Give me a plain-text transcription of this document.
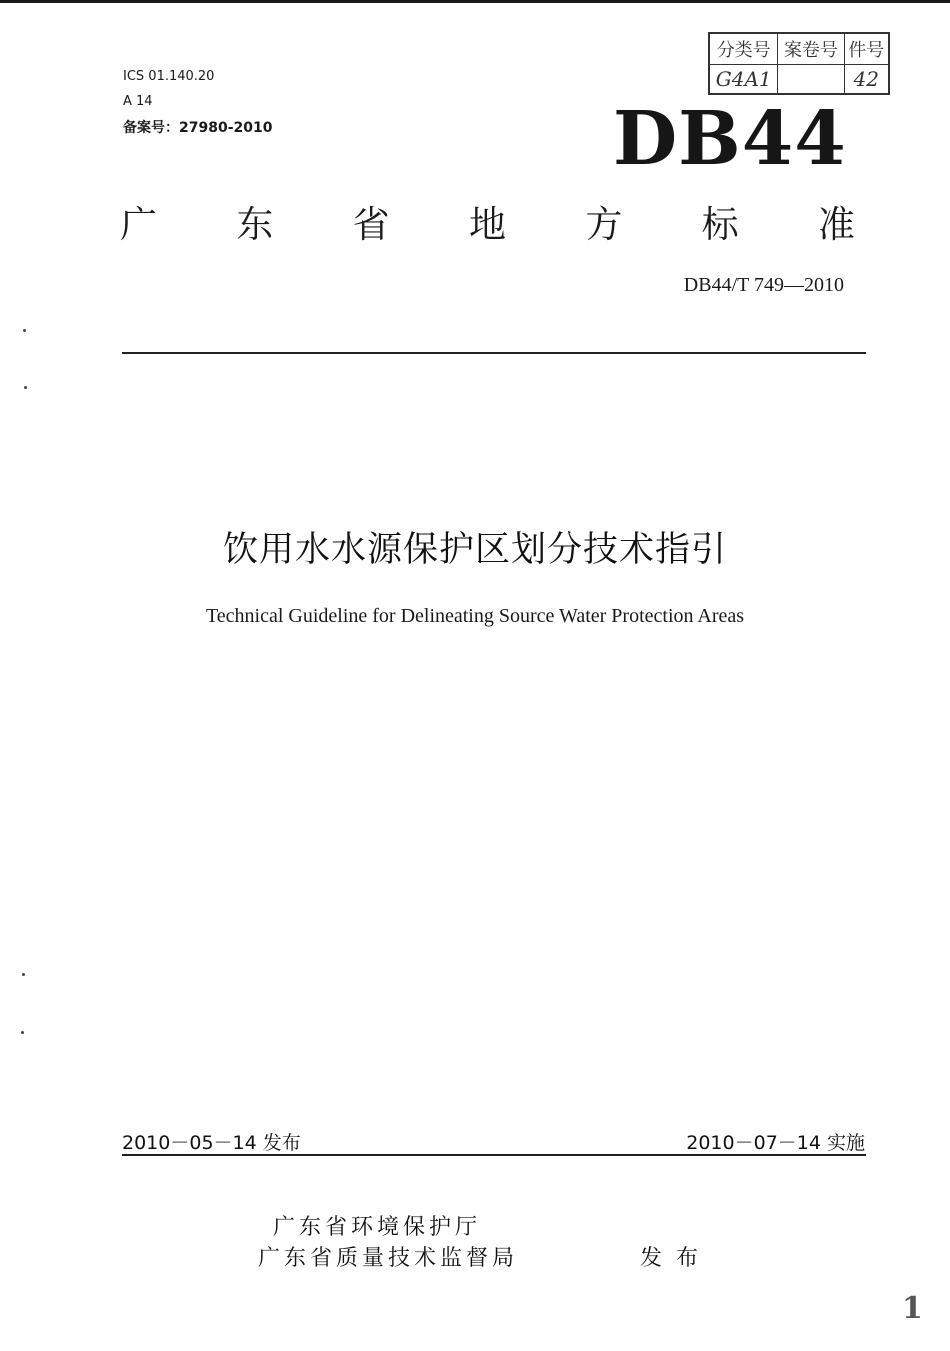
ICS 01.140.20
A 14
备案号：27980-2010
分类号	案卷号	件号
G4A1		42
DB44
广 东 省 地 方 标 准
DB44/T 749—2010
饮用水水源保护区划分技术指引
Technical Guideline for Delineating Source Water Protection Areas
2010－05－14 发布	2010－07－14 实施
广东省环境保护厅
广东省质量技术监督局	发布
1
